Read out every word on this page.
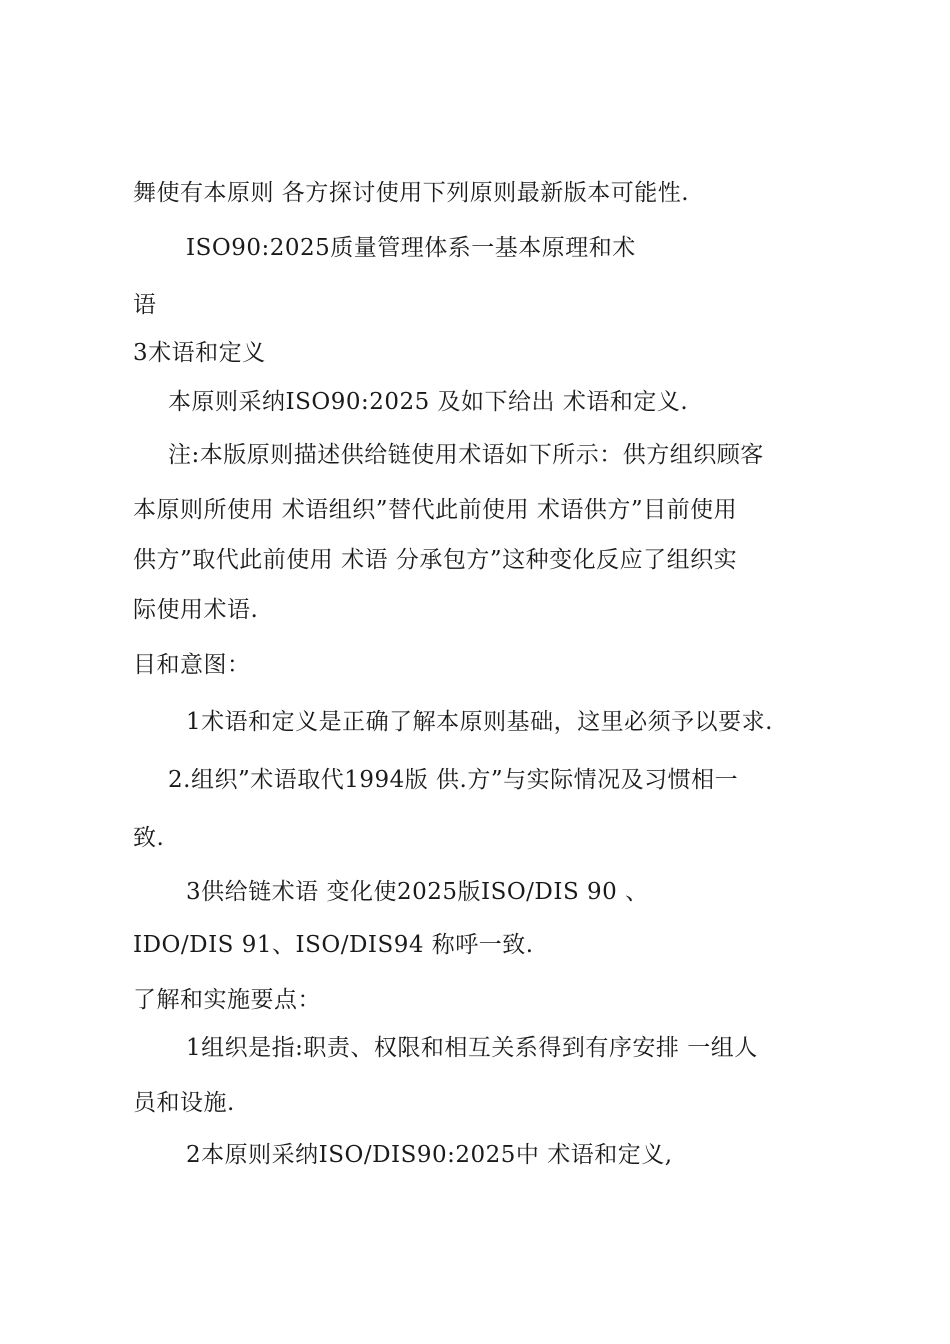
舞使有本原则 各方探讨使用下列原则最新版本可能性.
ISO90:2025质量管理体系一基本原理和术
语
3术语和定义
本原则采纳ISO90:2025 及如下给出 术语和定义.
注:本版原则描述供给链使用术语如下所示：供方组织顾客
本原则所使用 术语组织”替代此前使用 术语供方”目前使用
供方”取代此前使用 术语 分承包方”这种变化反应了组织实
际使用术语.
目和意图：
1术语和定义是正确了解本原则基础，这里必须予以要求.
2.组织”术语取代1994版 供.方”与实际情况及习惯相一
致.
3供给链术语 变化使2025版ISO/DIS 90 、
IDO/DIS 91、ISO/DIS94 称呼一致.
了解和实施要点：
1组织是指:职责、权限和相互关系得到有序安排 一组人
员和设施.
2本原则采纳ISO/DIS90:2025中 术语和定义,
